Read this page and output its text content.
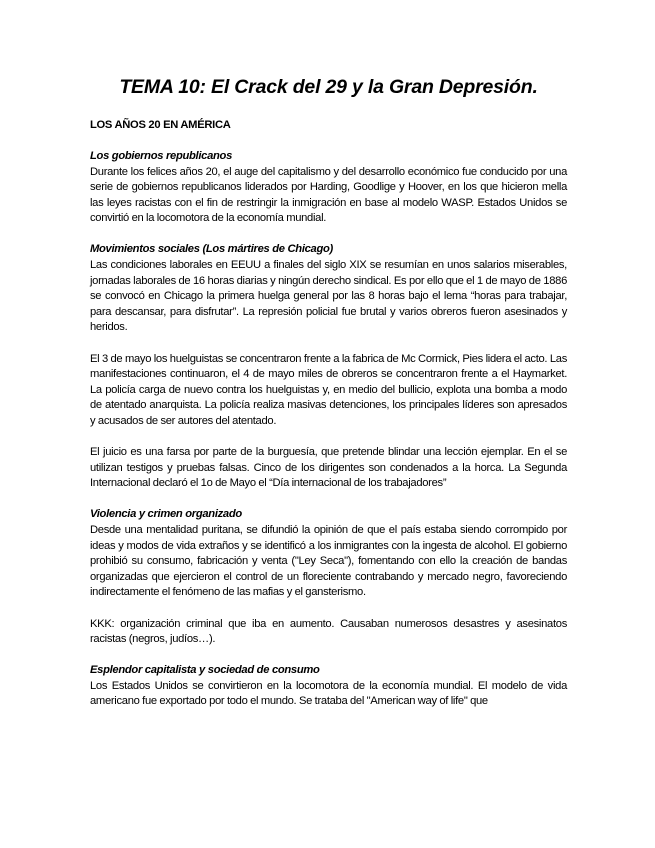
TEMA 10: El Crack del 29 y la Gran Depresión.
LOS AÑOS 20 EN AMÉRICA
Los gobiernos republicanos

Durante los felices años 20, el auge del capitalismo y del desarrollo económico fue conducido por una serie de gobiernos republicanos liderados por Harding, Goodlige y Hoover, en los que hicieron mella las leyes racistas con el fin de restringir la inmigración en base al modelo WASP. Estados Unidos se convirtió en la locomotora de la economía mundial.

Movimientos sociales (Los mártires de Chicago)

Las condiciones laborales en EEUU a finales del siglo XIX se resumían en unos salarios miserables, jornadas laborales de 16 horas diarias y ningún derecho sindical. Es por ello que el 1 de mayo de 1886 se convocó en Chicago la primera huelga general por las 8 horas bajo el lema “horas para trabajar, para descansar, para disfrutar”. La represión policial fue brutal y varios obreros fueron asesinados y heridos.

El 3 de mayo los huelguistas se concentraron frente a la fabrica de Mc Cormick, Pies lidera el acto. Las manifestaciones continuaron, el 4 de mayo miles de obreros se concentraron frente a el Haymarket. La policía carga de nuevo contra los huelguistas y, en medio del bullicio, explota una bomba a modo de atentado anarquista. La policía realiza masivas detenciones, los principales líderes son apresados y acusados de ser autores del atentado.

El juicio es una farsa por parte de la burguesía, que pretende blindar una lección ejemplar. En el se utilizan testigos y pruebas falsas. Cinco de los dirigentes son condenados a la horca. La Segunda Internacional declaró el 1o de Mayo el “Día internacional de los trabajadores”

Violencia y crimen organizado

Desde una mentalidad puritana, se difundió la opinión de que el país estaba siendo corrompido por ideas y modos de vida extraños y se identificó a los inmigrantes con la ingesta de alcohol. El gobierno prohibió su consumo, fabricación y venta ("Ley Seca"), fomentando con ello la creación de bandas organizadas que ejercieron el control de un floreciente contrabando y mercado negro, favoreciendo indirectamente el fenómeno de las mafias y el gansterismo.

KKK: organización criminal que iba en aumento. Causaban numerosos desastres y asesinatos racistas (negros, judíos…).

Esplendor capitalista y sociedad de consumo

Los Estados Unidos se convirtieron en la locomotora de la economía mundial. El modelo de vida americano fue exportado por todo el mundo. Se trataba del "American way of life" que
